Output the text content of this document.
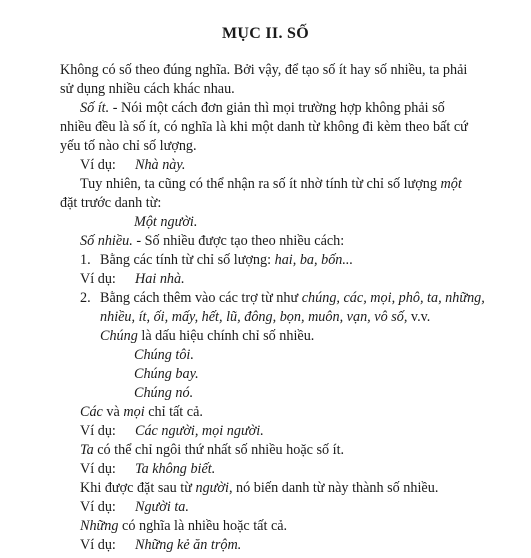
MỤC II. SỐ
Không có số theo đúng nghĩa. Bởi vậy, để tạo số ít hay số nhiều, ta phải
sử dụng nhiều cách khác nhau.
Số ít. - Nói một cách đơn giản thì mọi trường hợp không phải số
nhiều đều là số ít, có nghĩa là khi một danh từ không đi kèm theo bất cứ
yếu tố nào chỉ số lượng.
Ví dụ: Nhà này.
Tuy nhiên, ta cũng có thể nhận ra số ít nhờ tính từ chỉ số lượng một
đặt trước danh từ:
Một người.
Số nhiều. - Số nhiều được tạo theo nhiều cách:
1. Bằng các tính từ chỉ số lượng: hai, ba, bốn...
Ví dụ: Hai nhà.
2. Bằng cách thêm vào các trợ từ như chúng, các, mọi, phô, ta, những,
nhiều, ít, ối, mấy, hết, lũ, đông, bọn, muôn, vạn, vô số, v.v.
Chúng là dấu hiệu chính chỉ số nhiều.
Chúng tôi.
Chúng bay.
Chúng nó.
Các và mọi chỉ tất cả.
Ví dụ: Các người, mọi người.
Ta có thể chỉ ngôi thứ nhất số nhiều hoặc số ít.
Ví dụ: Ta không biết.
Khi được đặt sau từ người, nó biến danh từ này thành số nhiều.
Ví dụ: Người ta.
Những có nghĩa là nhiều hoặc tất cả.
Ví dụ: Những kẻ ăn trộm.
